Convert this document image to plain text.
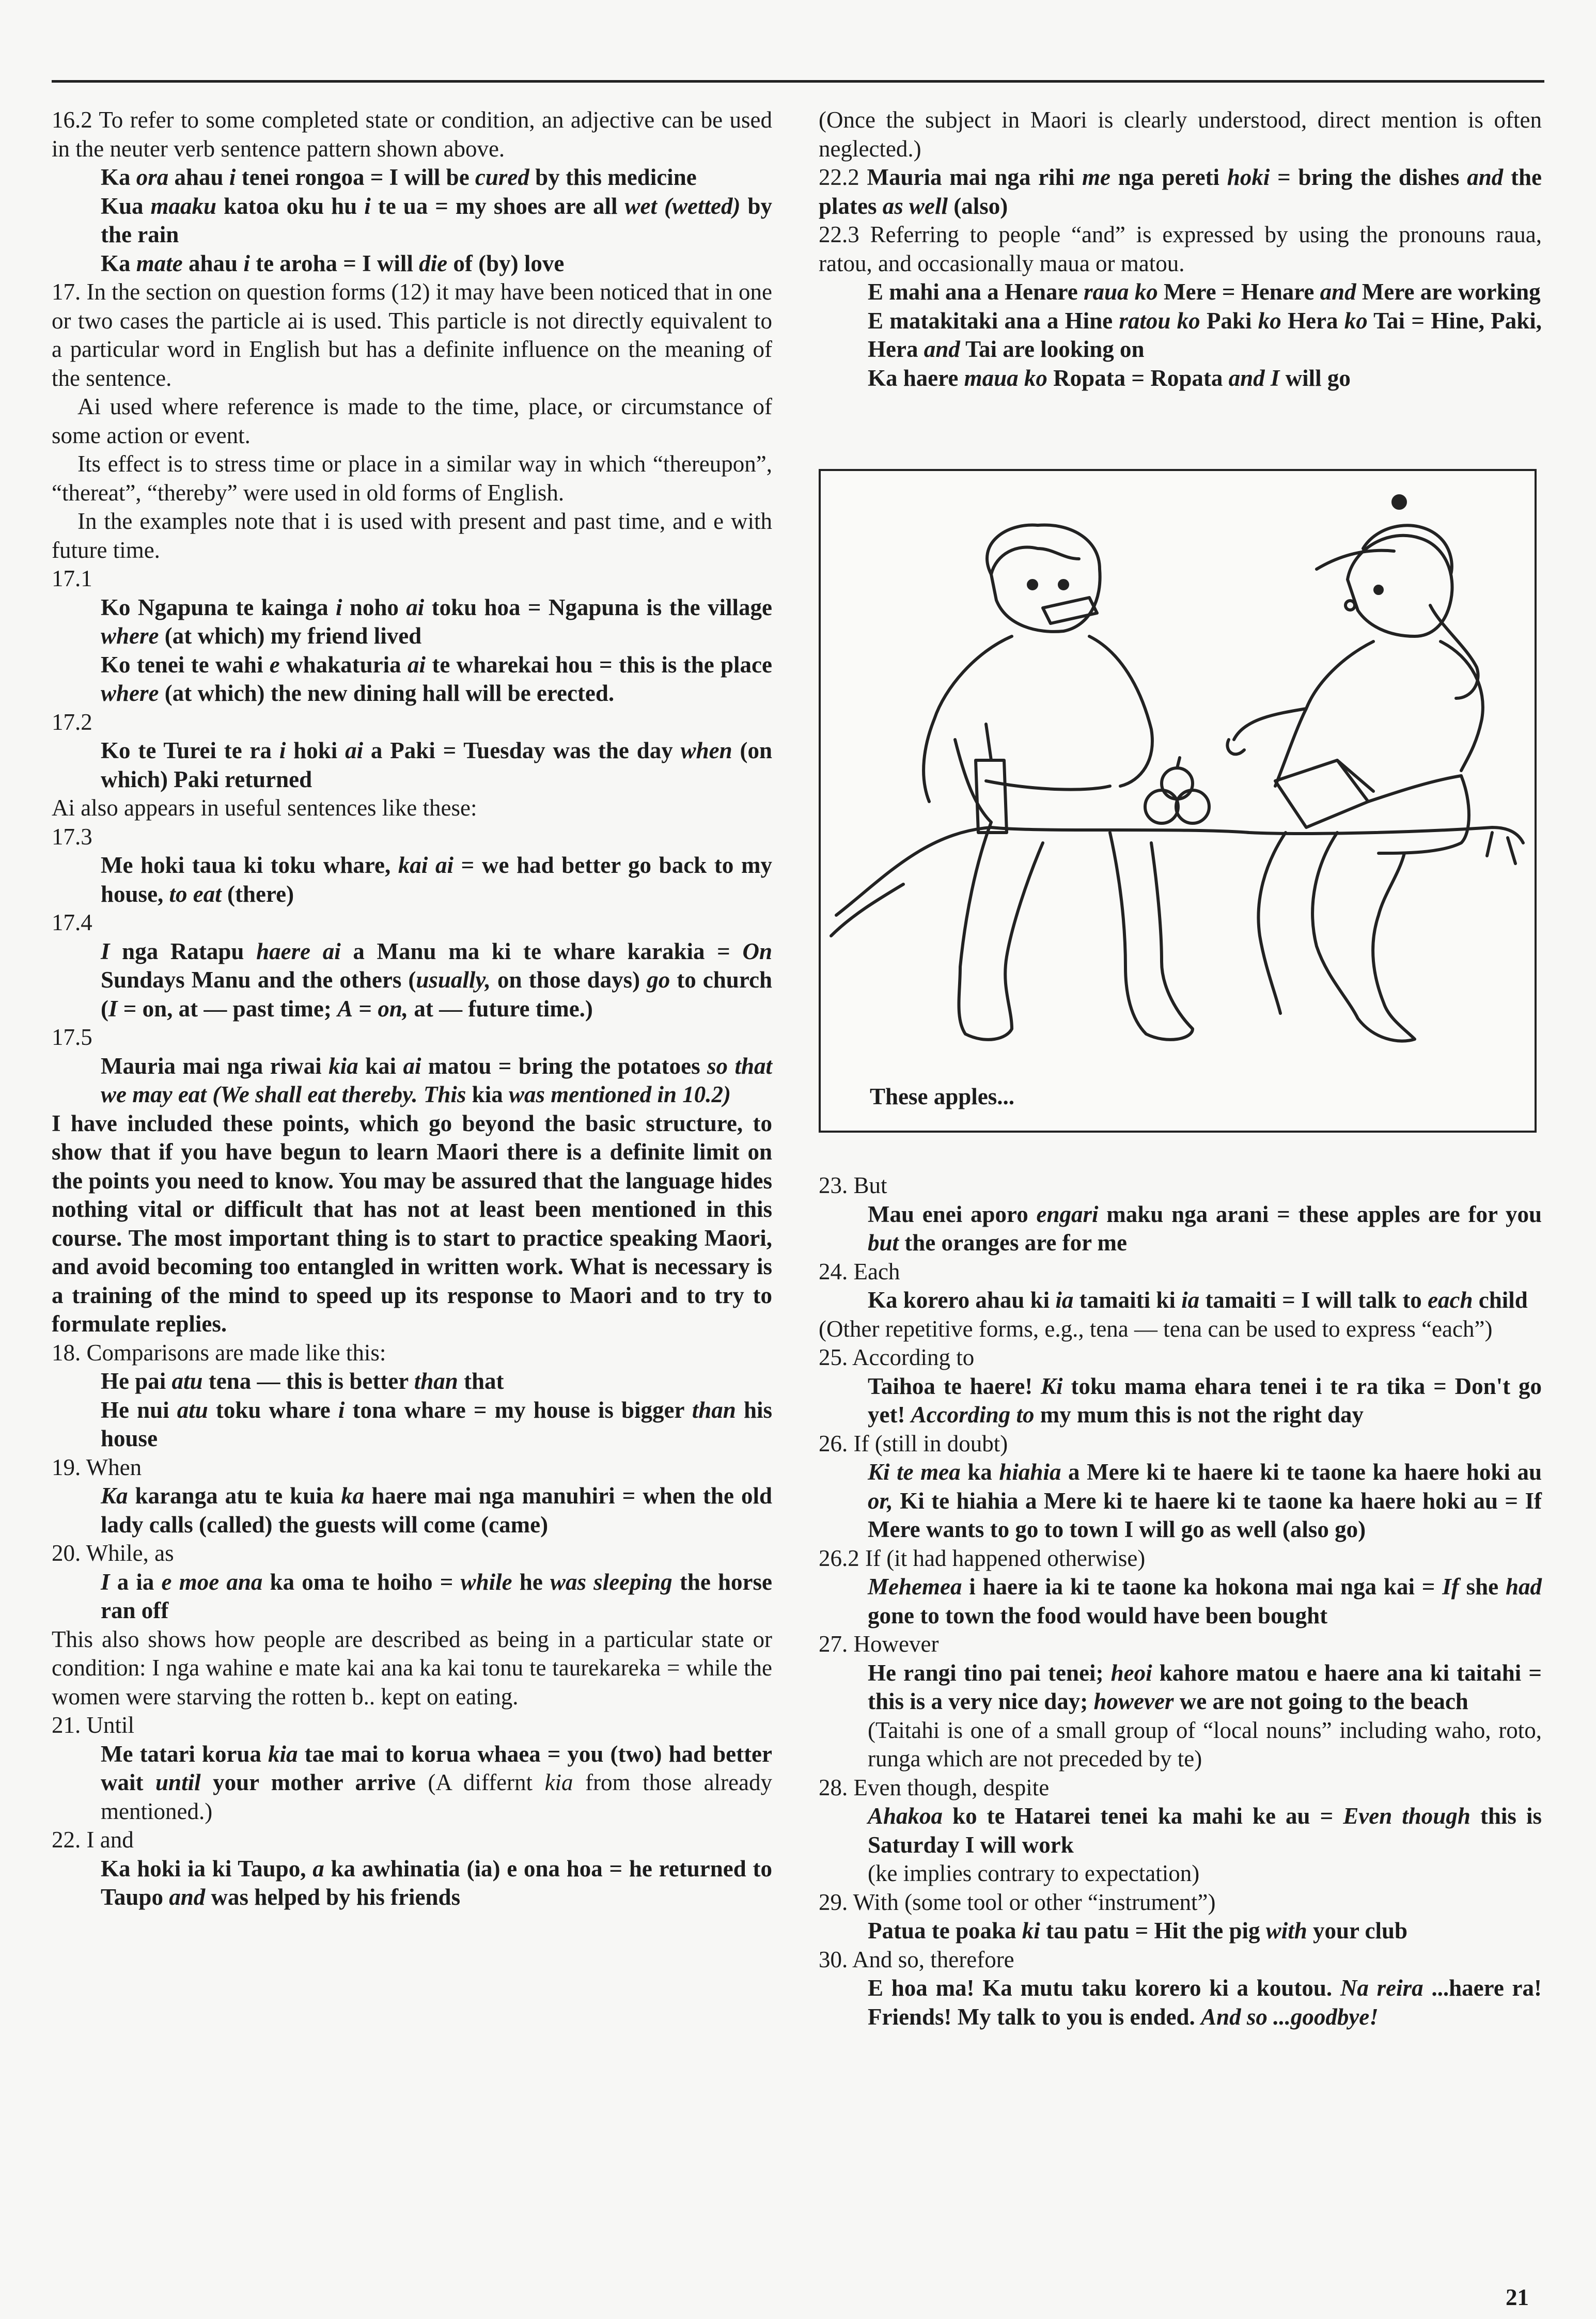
16.2 To refer to some completed state or condition, an adjective can be used in the neuter verb sentence pattern shown above.

Ka ora ahau i tenei rongoa = I will be cured by this medicine

Kua maaku katoa oku hu i te ua = my shoes are all wet (wetted) by the rain

Ka mate ahau i te aroha = I will die of (by) love

17. In the section on question forms (12) it may have been noticed that in one or two cases the particle ai is used. This particle is not directly equivalent to a particular word in English but has a definite influence on the meaning of the sentence.

Ai used where reference is made to the time, place, or circumstance of some action or event.

Its effect is to stress time or place in a similar way in which “thereupon”, “thereat”, “thereby” were used in old forms of English.

In the examples note that i is used with present and past time, and e with future time.

17.1

Ko Ngapuna te kainga i noho ai toku hoa = Ngapuna is the village where (at which) my friend lived

Ko tenei te wahi e whakaturia ai te wharekai hou = this is the place where (at which) the new dining hall will be erected.

17.2

Ko te Turei te ra i hoki ai a Paki = Tuesday was the day when (on which) Paki returned

Ai also appears in useful sentences like these:

17.3

Me hoki taua ki toku whare, kai ai = we had better go back to my house, to eat (there)

17.4

I nga Ratapu haere ai a Manu ma ki te whare karakia = On Sundays Manu and the others (usually, on those days) go to church (I = on, at — past time; A = on, at — future time.)

17.5

Mauria mai nga riwai kia kai ai matou = bring the potatoes so that we may eat (We shall eat thereby. This kia was mentioned in 10.2)

I have included these points, which go beyond the basic structure, to show that if you have begun to learn Maori there is a definite limit on the points you need to know. You may be assured that the language hides nothing vital or difficult that has not at least been mentioned in this course. The most important thing is to start to practice speaking Maori, and avoid becoming too entangled in written work. What is necessary is a training of the mind to speed up its response to Maori and to try to formulate replies.

18. Comparisons are made like this:

He pai atu tena — this is better than that

He nui atu toku whare i tona whare = my house is bigger than his house

19. When

Ka karanga atu te kuia ka haere mai nga manuhiri = when the old lady calls (called) the guests will come (came)

20. While, as

I a ia e moe ana ka oma te hoiho = while he was sleeping the horse ran off

This also shows how people are described as being in a particular state or condition: I nga wahine e mate kai ana ka kai tonu te taurekareka = while the women were starving the rotten b.. kept on eating.

21. Until

Me tatari korua kia tae mai to korua whaea = you (two) had better wait until your mother arrive (A differnt kia from those already mentioned.)

22. I and

Ka hoki ia ki Taupo, a ka awhinatia (ia) e ona hoa = he returned to Taupo and was helped by his friends

(Once the subject in Maori is clearly understood, direct mention is often neglected.)

22.2 Mauria mai nga rihi me nga pereti hoki = bring the dishes and the plates as well (also)

22.3 Referring to people “and” is expressed by using the pronouns raua, ratou, and occasionally maua or matou.

E mahi ana a Henare raua ko Mere = Henare and Mere are working

E matakitaki ana a Hine ratou ko Paki ko Hera ko Tai = Hine, Paki, Hera and Tai are looking on

Ka haere maua ko Ropata = Ropata and I will go

These apples...

23. But

Mau enei aporo engari maku nga arani = these apples are for you but the oranges are for me

24. Each

Ka korero ahau ki ia tamaiti ki ia tamaiti = I will talk to each child

(Other repetitive forms, e.g., tena — tena can be used to express “each”)

25. According to

Taihoa te haere! Ki toku mama ehara tenei i te ra tika = Don't go yet! According to my mum this is not the right day

26. If (still in doubt)

Ki te mea ka hiahia a Mere ki te haere ki te taone ka haere hoki au or, Ki te hiahia a Mere ki te haere ki te taone ka haere hoki au = If Mere wants to go to town I will go as well (also go)

26.2 If (it had happened otherwise)

Mehemea i haere ia ki te taone ka hokona mai nga kai = If she had gone to town the food would have been bought

27. However

He rangi tino pai tenei; heoi kahore matou e haere ana ki taitahi = this is a very nice day; however we are not going to the beach

(Taitahi is one of a small group of “local nouns” including waho, roto, runga which are not preceded by te)

28. Even though, despite

Ahakoa ko te Hatarei tenei ka mahi ke au = Even though this is Saturday I will work

(ke implies contrary to expectation)

29. With (some tool or other “instrument”)

Patua te poaka ki tau patu = Hit the pig with your club

30. And so, therefore

E hoa ma! Ka mutu taku korero ki a koutou. Na reira ...haere ra! Friends! My talk to you is ended. And so ...goodbye!

21
